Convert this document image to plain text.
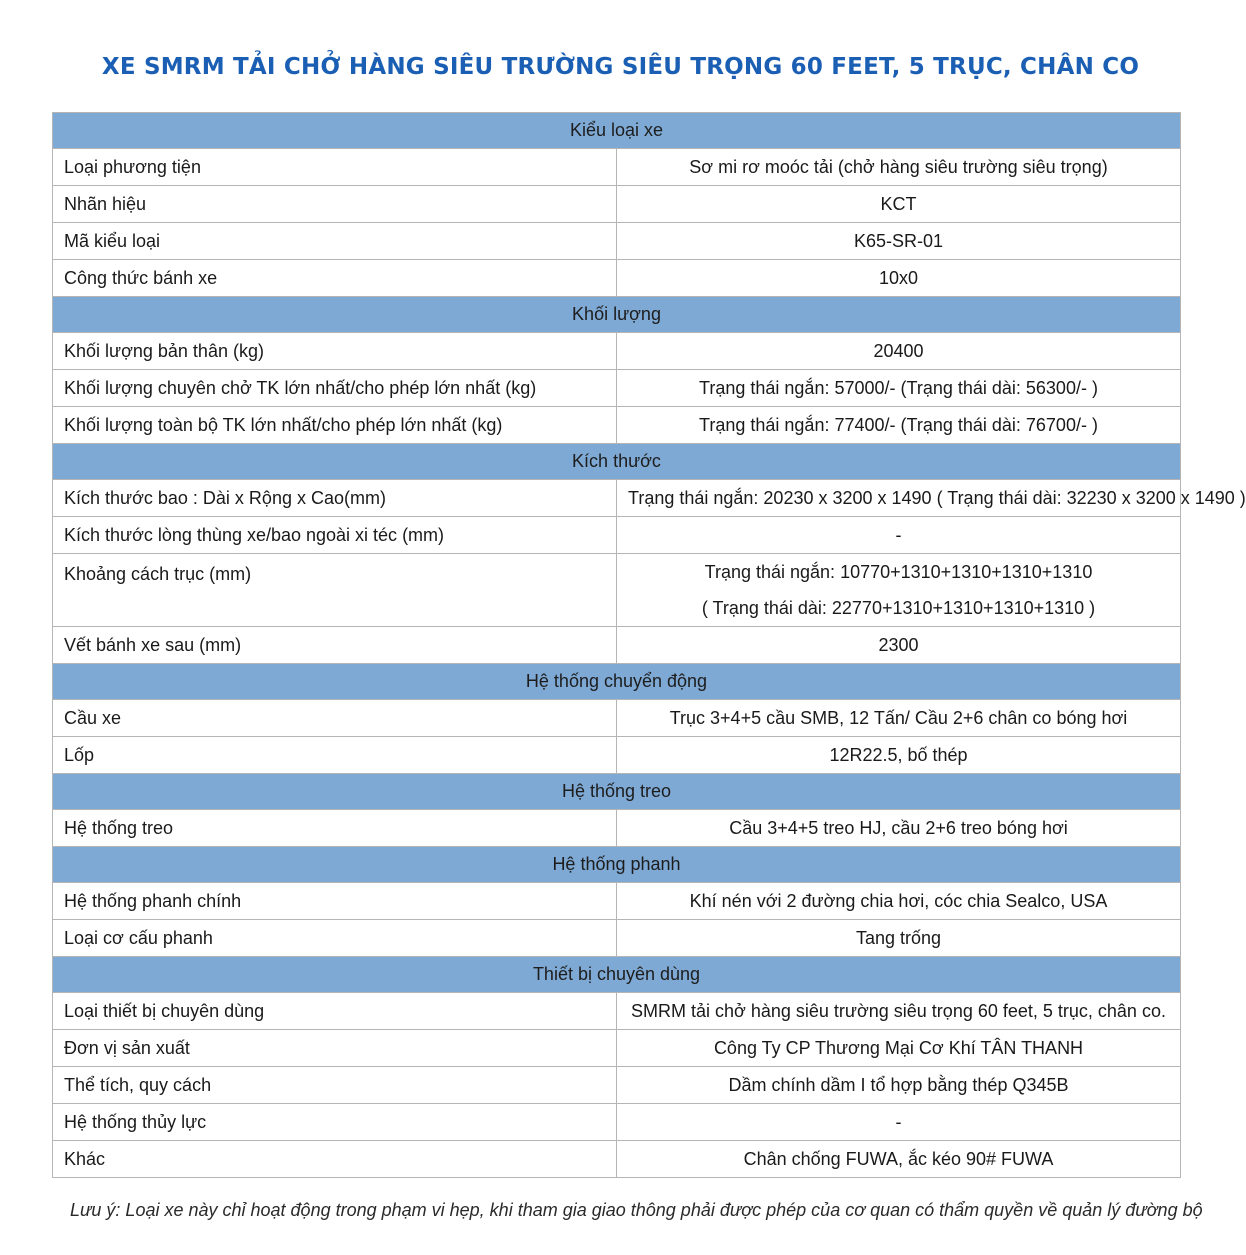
XE SMRM TẢI CHỞ HÀNG SIÊU TRƯỜNG SIÊU TRỌNG 60 FEET, 5 TRỤC, CHÂN CO
Kiểu loại xe	
Loại phương tiện	Sơ mi rơ moóc tải (chở hàng siêu trường siêu trọng)
Nhãn hiệu	KCT
Mã kiểu loại	K65-SR-01
Công thức bánh xe	10x0
Khối lượng	
Khối lượng bản thân (kg)	20400
Khối lượng chuyên chở TK lớn nhất/cho phép lớn nhất (kg)	Trạng thái ngắn: 57000/- (Trạng thái dài: 56300/- )
Khối lượng toàn bộ TK lớn nhất/cho phép lớn nhất (kg)	Trạng thái ngắn: 77400/- (Trạng thái dài: 76700/- )
Kích thước	
Kích thước bao : Dài x Rộng x Cao(mm)	Trạng thái ngắn: 20230 x 3200 x 1490 ( Trạng thái dài: 32230 x 3200 x 1490 )
Kích thước lòng thùng xe/bao ngoài xi téc (mm)	-
Khoảng cách trục (mm)	Trạng thái ngắn: 10770+1310+1310+1310+1310
( Trạng thái dài: 22770+1310+1310+1310+1310 )

Vết bánh xe sau (mm)	2300
Hệ thống chuyển động	
Cầu xe	Trục 3+4+5 cầu SMB, 12 Tấn/ Cầu 2+6 chân co bóng hơi
Lốp	12R22.5, bố thép
Hệ thống treo	
Hệ thống treo	Cầu 3+4+5 treo HJ, cầu 2+6 treo bóng hơi
Hệ thống phanh	
Hệ thống phanh chính	Khí nén với 2 đường chia hơi, cóc chia Sealco, USA
Loại cơ cấu phanh	Tang trống
Thiết bị chuyên dùng	
Loại thiết bị chuyên dùng	SMRM tải chở hàng siêu trường siêu trọng 60 feet, 5 trục, chân co.
Đơn vị sản xuất	Công Ty CP Thương Mại Cơ Khí TÂN THANH
Thể tích, quy cách	Dầm chính dầm I tổ hợp bằng thép Q345B
Hệ thống thủy lực	-
Khác	Chân chống FUWA, ắc kéo 90# FUWA
Lưu ý: Loại xe này chỉ hoạt động trong phạm vi hẹp, khi tham gia giao thông phải được phép của cơ quan có thẩm quyền về quản lý đường bộ
